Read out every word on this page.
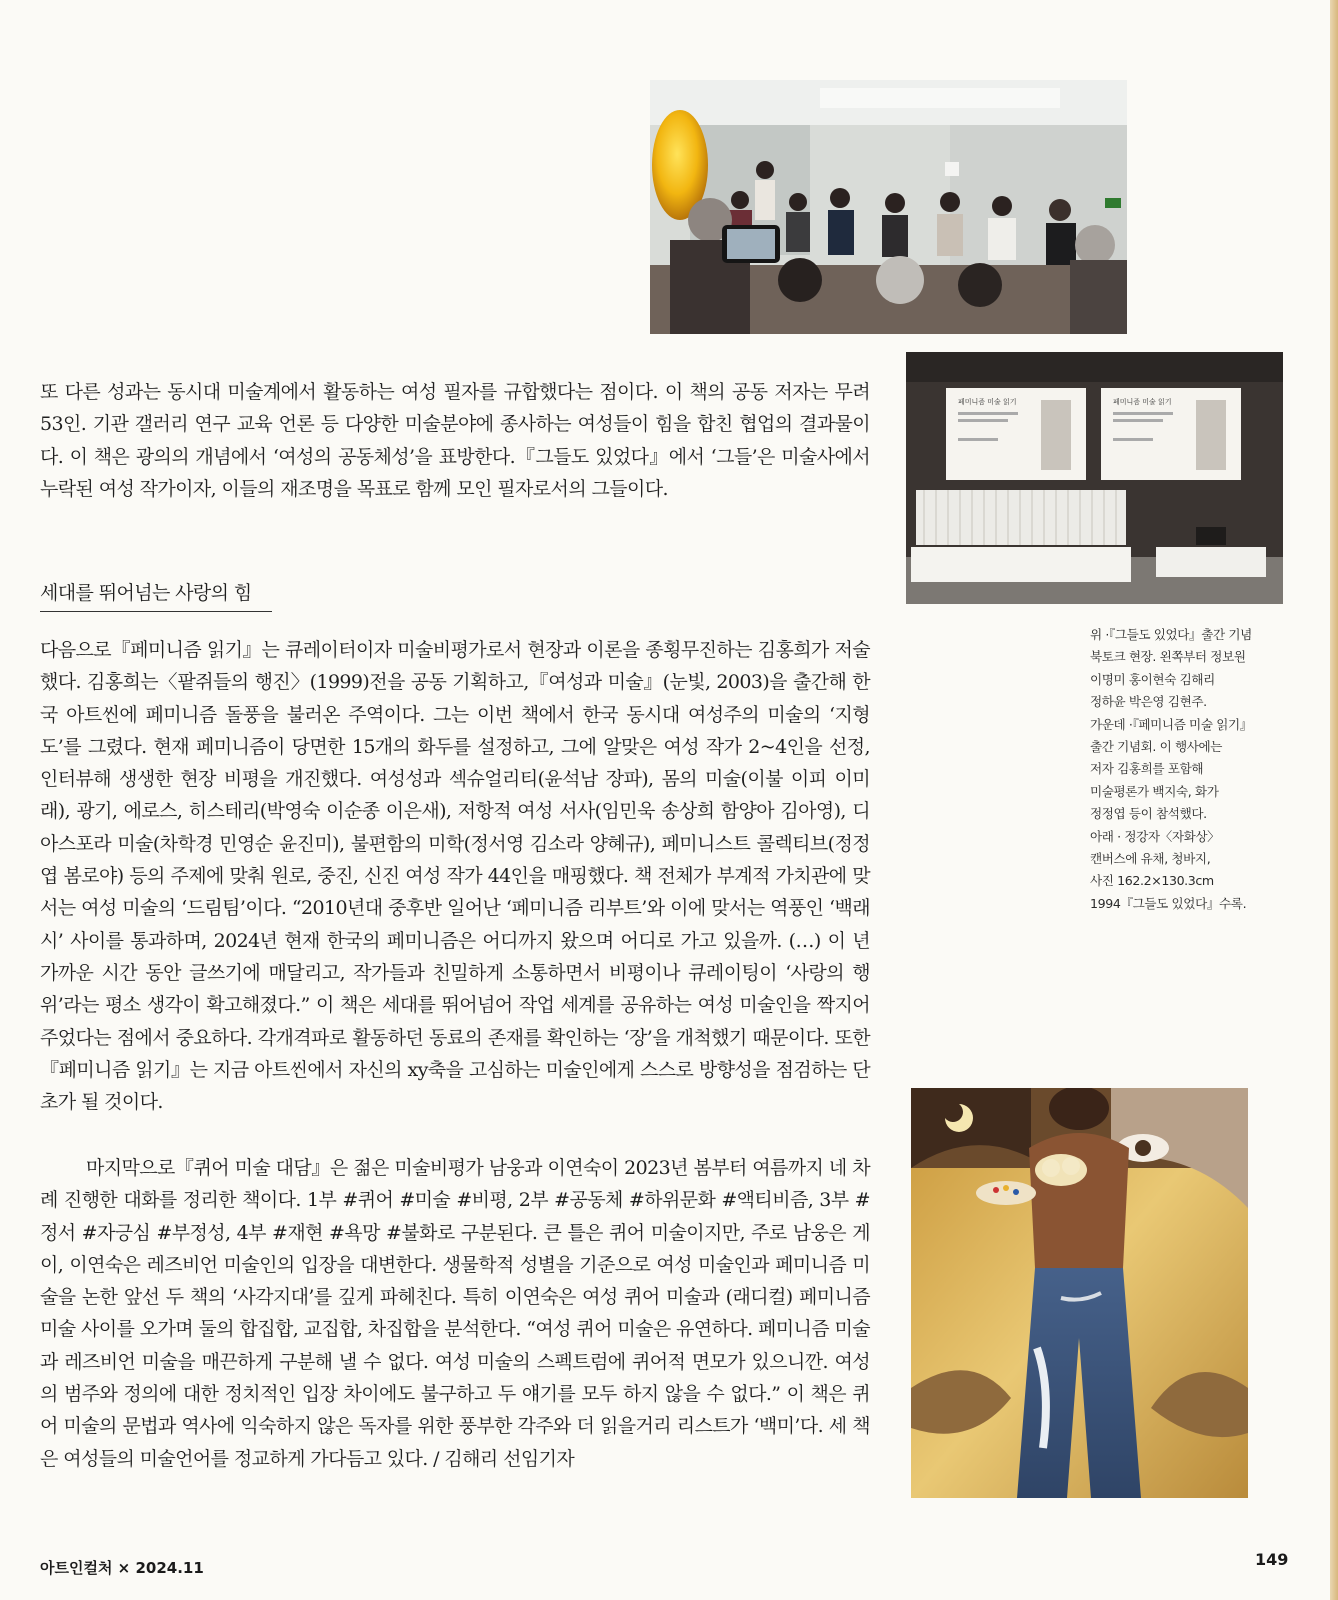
페미니즘 미술 읽기	페미니즘 미술 읽기

또 다른 성과는 동시대 미술계에서 활동하는 여성 필자를 규합했다는 점이다. 이 책의 공동 저자는 무려 53인. 기관 갤러리 연구 교육 언론 등 다양한 미술분야에 종사하는 여성들이 힘을 합친 협업의 결과물이다. 이 책은 광의의 개념에서 ‘여성의 공동체성’을 표방한다.『그들도 있었다』에서 ‘그들’은 미술사에서 누락된 여성 작가이자, 이들의 재조명을 목표로 함께 모인 필자로서의 그들이다.

세대를 뛰어넘는 사랑의 힘

다음으로『페미니즘 읽기』는 큐레이터이자 미술비평가로서 현장과 이론을 종횡무진하는 김홍희가 저술했다. 김홍희는〈팥쥐들의 행진〉(1999)전을 공동 기획하고,『여성과 미술』(눈빛, 2003)을 출간해 한국 아트씬에 페미니즘 돌풍을 불러온 주역이다. 그는 이번 책에서 한국 동시대 여성주의 미술의 ‘지형도’를 그렸다. 현재 페미니즘이 당면한 15개의 화두를 설정하고, 그에 알맞은 여성 작가 2~4인을 선정, 인터뷰해 생생한 현장 비평을 개진했다. 여성성과 섹슈얼리티(윤석남 장파), 몸의 미술(이불 이피 이미래), 광기, 에로스, 히스테리(박영숙 이순종 이은새), 저항적 여성 서사(임민욱 송상희 함양아 김아영), 디아스포라 미술(차학경 민영순 윤진미), 불편함의 미학(정서영 김소라 양혜규), 페미니스트 콜렉티브(정정엽 봄로야) 등의 주제에 맞춰 원로, 중진, 신진 여성 작가 44인을 매핑했다. 책 전체가 부계적 가치관에 맞서는 여성 미술의 ‘드림팀’이다. “2010년대 중후반 일어난 ‘페미니즘 리부트’와 이에 맞서는 역풍인 ‘백래시’ 사이를 통과하며, 2024년 현재 한국의 페미니즘은 어디까지 왔으며 어디로 가고 있을까. (…) 이 년 가까운 시간 동안 글쓰기에 매달리고, 작가들과 친밀하게 소통하면서 비평이나 큐레이팅이 ‘사랑의 행위’라는 평소 생각이 확고해졌다.” 이 책은 세대를 뛰어넘어 작업 세계를 공유하는 여성 미술인을 짝지어 주었다는 점에서 중요하다. 각개격파로 활동하던 동료의 존재를 확인하는 ‘장’을 개척했기 때문이다. 또한『페미니즘 읽기』는 지금 아트씬에서 자신의 xy축을 고심하는 미술인에게 스스로 방향성을 점검하는 단초가 될 것이다.

마지막으로『퀴어 미술 대담』은 젊은 미술비평가 남웅과 이연숙이 2023년 봄부터 여름까지 네 차례 진행한 대화를 정리한 책이다. 1부 #퀴어 #미술 #비평, 2부 #공동체 #하위문화 #액티비즘, 3부 #정서 #자긍심 #부정성, 4부 #재현 #욕망 #불화로 구분된다. 큰 틀은 퀴어 미술이지만, 주로 남웅은 게이, 이연숙은 레즈비언 미술인의 입장을 대변한다. 생물학적 성별을 기준으로 여성 미술인과 페미니즘 미술을 논한 앞선 두 책의 ‘사각지대’를 깊게 파헤친다. 특히 이연숙은 여성 퀴어 미술과 (래디컬) 페미니즘 미술 사이를 오가며 둘의 합집합, 교집합, 차집합을 분석한다. “여성 퀴어 미술은 유연하다. 페미니즘 미술과 레즈비언 미술을 매끈하게 구분해 낼 수 없다. 여성 미술의 스펙트럼에 퀴어적 면모가 있으니깐. 여성의 범주와 정의에 대한 정치적인 입장 차이에도 불구하고 두 얘기를 모두 하지 않을 수 없다.” 이 책은 퀴어 미술의 문법과 역사에 익숙하지 않은 독자를 위한 풍부한 각주와 더 읽을거리 리스트가 ‘백미’다. 세 책은 여성들의 미술언어를 정교하게 가다듬고 있다. / 김해리 선임기자

위 ·『그들도 있었다』출간 기념
북토크 현장. 왼쪽부터 정보원
이명미 홍이현숙 김해리
정하윤 박은영 김현주.
가운데 ·『페미니즘 미술 읽기』
출간 기념회. 이 행사에는
저자 김홍희를 포함해
미술평론가 백지숙, 화가
정정엽 등이 참석했다.
아래 · 정강자〈자화상〉
캔버스에 유채, 청바지,
사진 162.2×130.3cm
1994『그들도 있었다』수록.
아트인컬처 × 2024.11	149
